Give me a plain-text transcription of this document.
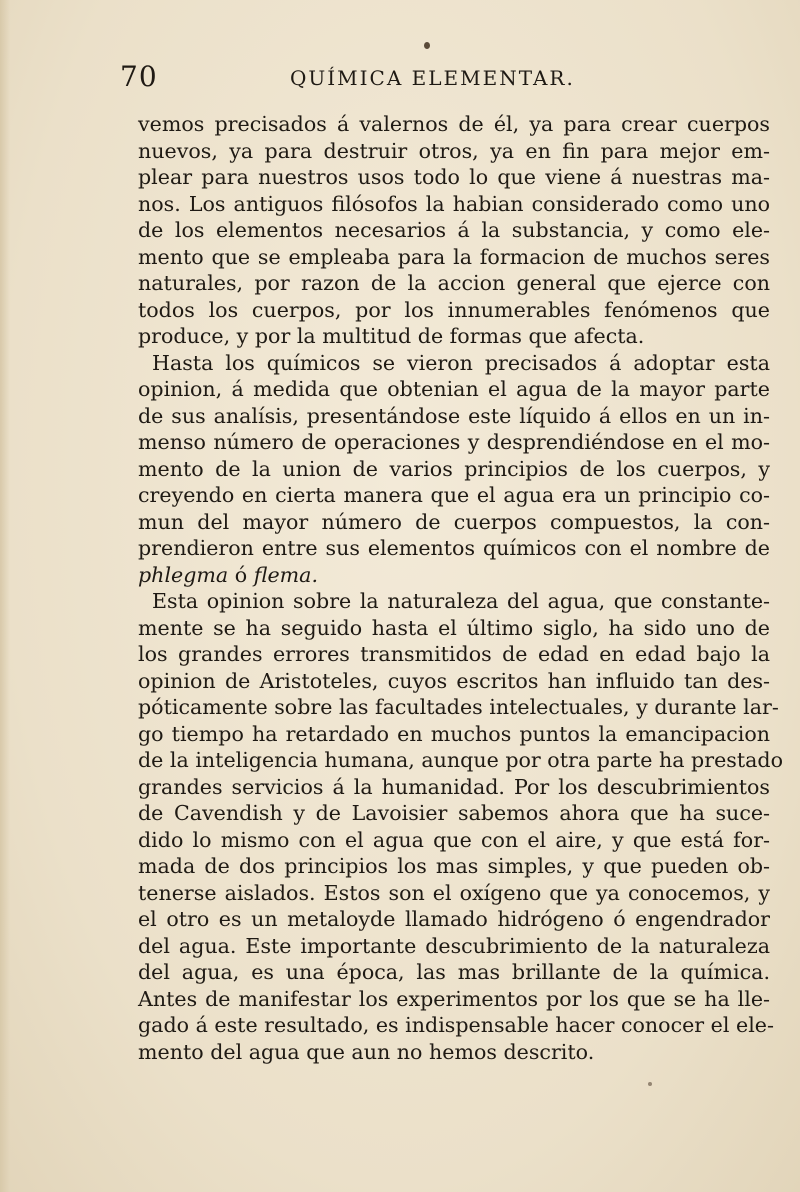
70	QUÍMICA ELEMENTAR.
vemos precisados á valernos de él, ya para crear cuerpos
nuevos, ya para destruir otros, ya en fin para mejor em-
plear para nuestros usos todo lo que viene á nuestras ma-
nos. Los antiguos filósofos la habian considerado como uno
de los elementos necesarios á la substancia, y como ele-
mento que se empleaba para la formacion de muchos seres
naturales, por razon de la accion general que ejerce con
todos los cuerpos, por los innumerables fenómenos que
produce, y por la multitud de formas que afecta.
Hasta los químicos se vieron precisados á adoptar esta
opinion, á medida que obtenian el agua de la mayor parte
de sus analísis, presentándose este líquido á ellos en un in-
menso número de operaciones y desprendiéndose en el mo-
mento de la union de varios principios de los cuerpos, y
creyendo en cierta manera que el agua era un principio co-
mun del mayor número de cuerpos compuestos, la con-
prendieron entre sus elementos químicos con el nombre de
phlegma ó flema.
Esta opinion sobre la naturaleza del agua, que constante-
mente se ha seguido hasta el último siglo, ha sido uno de
los grandes errores transmitidos de edad en edad bajo la
opinion de Aristoteles, cuyos escritos han influido tan des-
póticamente sobre las facultades intelectuales, y durante lar-
go tiempo ha retardado en muchos puntos la emancipacion
de la inteligencia humana, aunque por otra parte ha prestado
grandes servicios á la humanidad. Por los descubrimientos
de Cavendish y de Lavoisier sabemos ahora que ha suce-
dido lo mismo con el agua que con el aire, y que está for-
mada de dos principios los mas simples, y que pueden ob-
tenerse aislados. Estos son el oxígeno que ya conocemos, y
el otro es un metaloyde llamado hidrógeno ó engendrador
del agua. Este importante descubrimiento de la naturaleza
del agua, es una época, las mas brillante de la química.
Antes de manifestar los experimentos por los que se ha lle-
gado á este resultado, es indispensable hacer conocer el ele-
mento del agua que aun no hemos descrito.
